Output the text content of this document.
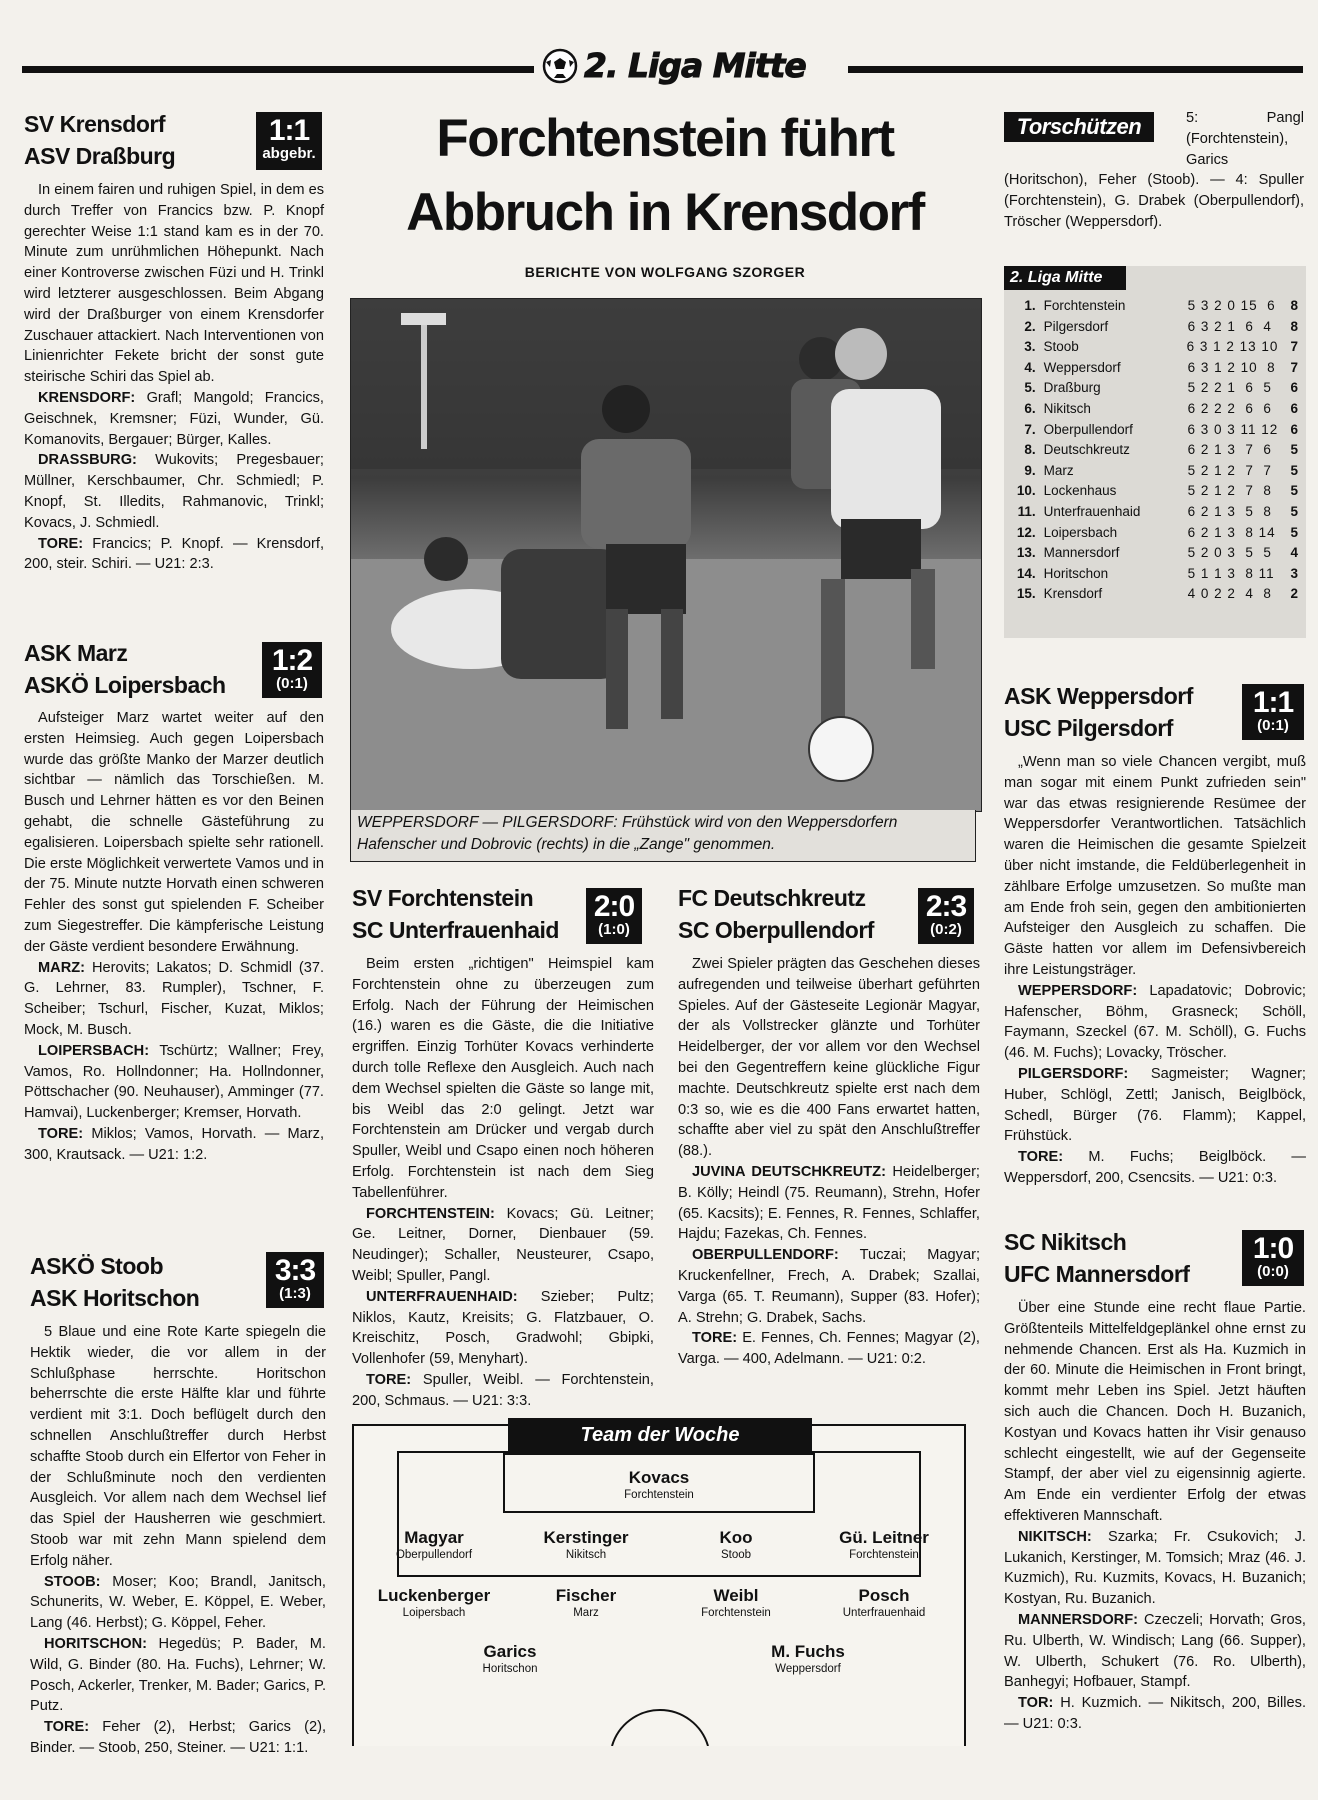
2. Liga Mitte
SV Krensdorf
ASV Draßburg
1:1
abgebr.

In einem fairen und ruhigen Spiel, in dem es durch Treffer von Francics bzw. P. Knopf gerechter Weise 1:1 stand kam es in der 70. Minute zum unrühmlichen Höhepunkt. Nach einer Kontroverse zwischen Füzi und H. Trinkl wird letzterer ausgeschlossen. Beim Abgang wird der Draßburger von einem Krensdorfer Zuschauer attackiert. Nach Interventionen von Linienrichter Fekete bricht der sonst gute steirische Schiri das Spiel ab.

KRENSDORF: Grafl; Mangold; Francics, Geischnek, Kremsner; Füzi, Wunder, Gü. Komanovits, Bergauer; Bürger, Kalles.

DRASSBURG: Wukovits; Pregesbauer; Müllner, Kerschbaumer, Chr. Schmiedl; P. Knopf, St. Illedits, Rahmanovic, Trinkl; Kovacs, J. Schmiedl.

TORE: Francics; P. Knopf. — Krensdorf, 200, steir. Schiri. — U21: 2:3.

ASK Marz
ASKÖ Loipersbach
1:2
(0:1)

Aufsteiger Marz wartet weiter auf den ersten Heimsieg. Auch gegen Loipersbach wurde das größte Manko der Marzer deutlich sichtbar — nämlich das Torschießen. M. Busch und Lehrner hätten es vor den Beinen gehabt, die schnelle Gästeführung zu egalisieren. Loipersbach spielte sehr rationell. Die erste Möglichkeit verwertete Vamos und in der 75. Minute nutzte Horvath einen schweren Fehler des sonst gut spielenden F. Scheiber zum Siegestreffer. Die kämpferische Leistung der Gäste verdient besondere Erwähnung.

MARZ: Herovits; Lakatos; D. Schmidl (37. G. Lehrner, 83. Rumpler), Tschner, F. Scheiber; Tschurl, Fischer, Kuzat, Miklos; Mock, M. Busch.

LOIPERSBACH: Tschürtz; Wallner; Frey, Vamos, Ro. Hollndonner; Ha. Hollndonner, Pöttschacher (90. Neuhauser), Amminger (77. Hamvai), Luckenberger; Kremser, Horvath.

TORE: Miklos; Vamos, Horvath. — Marz, 300, Krautsack. — U21: 1:2.

ASKÖ Stoob
ASK Horitschon
3:3
(1:3)

5 Blaue und eine Rote Karte spiegeln die Hektik wieder, die vor allem in der Schlußphase herrschte. Horitschon beherrschte die erste Hälfte klar und führte verdient mit 3:1. Doch beflügelt durch den schnellen Anschlußtreffer durch Herbst schaffte Stoob durch ein Elfertor von Feher in der Schlußminute noch den verdienten Ausgleich. Vor allem nach dem Wechsel lief das Spiel der Hausherren wie geschmiert. Stoob war mit zehn Mann spielend dem Erfolg näher.

STOOB: Moser; Koo; Brandl, Janitsch, Schunerits, W. Weber, E. Köppel, E. Weber, Lang (46. Herbst); G. Köppel, Feher.

HORITSCHON: Hegedüs; P. Bader, M. Wild, G. Binder (80. Ha. Fuchs), Lehrner; W. Posch, Ackerler, Trenker, M. Bader; Garics, P. Putz.

TORE: Feher (2), Herbst; Garics (2), Binder. — Stoob, 250, Steiner. — U21: 1:1.

Forchtenstein führt
Abbruch in Krensdorf
BERICHTE VON WOLFGANG SZORGER
WEPPERSDORF — PILGERSDORF: Frühstück wird von den Weppersdorfern
Hafenscher und Dobrovic (rechts) in die „Zange" genommen.
SV Forchtenstein
SC Unterfrauenhaid
2:0
(1:0)

Beim ersten „richtigen" Heimspiel kam Forchtenstein ohne zu überzeugen zum Erfolg. Nach der Führung der Heimischen (16.) waren es die Gäste, die die Initiative ergriffen. Einzig Torhüter Kovacs verhinderte durch tolle Reflexe den Ausgleich. Auch nach dem Wechsel spielten die Gäste so lange mit, bis Weibl das 2:0 gelingt. Jetzt war Forchtenstein am Drücker und vergab durch Spuller, Weibl und Csapo einen noch höheren Erfolg. Forchtenstein ist nach dem Sieg Tabellenführer.

FORCHTENSTEIN: Kovacs; Gü. Leitner; Ge. Leitner, Dorner, Dienbauer (59. Neudinger); Schaller, Neusteurer, Csapo, Weibl; Spuller, Pangl.

UNTERFRAUENHAID: Szieber; Pultz; Niklos, Kautz, Kreisits; G. Flatzbauer, O. Kreischitz, Posch, Gradwohl; Gbipki, Vollenhofer (59, Menyhart).

TORE: Spuller, Weibl. — Forchtenstein, 200, Schmaus. — U21: 3:3.

FC Deutschkreutz
SC Oberpullendorf
2:3
(0:2)

Zwei Spieler prägten das Geschehen dieses aufregenden und teilweise überhart geführten Spieles. Auf der Gästeseite Legionär Magyar, der als Vollstrecker glänzte und Torhüter Heidelberger, der vor allem vor den Wechsel bei den Gegentreffern keine glückliche Figur machte. Deutschkreutz spielte erst nach dem 0:3 so, wie es die 400 Fans erwartet hatten, schaffte aber viel zu spät den Anschlußtreffer (88.).

JUVINA DEUTSCHKREUTZ: Heidelberger; B. Kölly; Heindl (75. Reumann), Strehn, Hofer (65. Kacsits); E. Fennes, R. Fennes, Schlaffer, Hajdu; Fazekas, Ch. Fennes.

OBERPULLENDORF: Tuczai; Magyar; Kruckenfellner, Frech, A. Drabek; Szallai, Varga (65. T. Reumann), Supper (83. Hofer); A. Strehn; G. Drabek, Sachs.

TORE: E. Fennes, Ch. Fennes; Magyar (2), Varga. — 400, Adelmann. — U21: 0:2.

Team der Woche
Kovacs
Forchtenstein
Magyar
Oberpullendorf
Kerstinger
Nikitsch
Koo
Stoob
Gü. Leitner
Forchtenstein
Luckenberger
Loipersbach
Fischer
Marz
Weibl
Forchtenstein
Posch
Unterfrauenhaid
Garics
Horitschon
M. Fuchs
Weppersdorf
Torschützen	5: Pangl (Forchtenstein), Garics (Horitschon), Feher (Stoob). — 4: Spuller (Forchtenstein), G. Drabek (Oberpullendorf), Tröscher (Weppersdorf).
2. Liga Mitte
1. Forchtenstein	5 3 2 0 15  6	8
2. Pilgersdorf	6 3 2 1  6  4	8
3. Stoob	6 3 1 2 13 10 7
4. Weppersdorf	6 3 1 2 10  8	7
5. Draßburg	5 2 2 1  6  5	6
6. Nikitsch	6 2 2 2  6  6	6
7. Oberpullendorf	6 3 0 3 11 12 6
8. Deutschkreutz	6 2 1 3  7  6	5
9. Marz	5 2 1 2  7  7	5
10. Lockenhaus	5 2 1 2  7  8	5
11. Unterfrauenhaid	6 2 1 3  5  8	5
12. Loipersbach	6 2 1 3  8 14	5
13. Mannersdorf	5 2 0 3  5  5	4
14. Horitschon	5 1 1 3  8 11	3
15. Krensdorf	4 0 2 2  4  8	2
ASK Weppersdorf
USC Pilgersdorf
1:1
(0:1)

„Wenn man so viele Chancen vergibt, muß man sogar mit einem Punkt zufrieden sein" war das etwas resignierende Resümee der Weppersdorfer Verantwortlichen. Tatsächlich waren die Heimischen die gesamte Spielzeit über nicht imstande, die Feldüberlegenheit in zählbare Erfolge umzusetzen. So mußte man am Ende froh sein, gegen den ambitionierten Aufsteiger den Ausgleich zu schaffen. Die Gäste hatten vor allem im Defensivbereich ihre Leistungsträger.

WEPPERSDORF: Lapadatovic; Dobrovic; Hafenscher, Böhm, Grasneck; Schöll, Faymann, Szeckel (67. M. Schöll), G. Fuchs (46. M. Fuchs); Lovacky, Tröscher.

PILGERSDORF: Sagmeister; Wagner; Huber, Schlögl, Zettl; Janisch, Beiglböck, Schedl, Bürger (76. Flamm); Kappel, Frühstück.

TORE: M. Fuchs; Beiglböck. — Weppersdorf, 200, Csencsits. — U21: 0:3.

SC Nikitsch
UFC Mannersdorf
1:0
(0:0)

Über eine Stunde eine recht flaue Partie. Größtenteils Mittelfeldgeplänkel ohne ernst zu nehmende Chancen. Erst als Ha. Kuzmich in der 60. Minute die Heimischen in Front bringt, kommt mehr Leben ins Spiel. Jetzt häuften sich auch die Chancen. Doch H. Buzanich, Kostyan und Kovacs hatten ihr Visir genauso schlecht eingestellt, wie auf der Gegenseite Stampf, der aber viel zu eigensinnig agierte. Am Ende ein verdienter Erfolg der etwas effektiveren Mannschaft.

NIKITSCH: Szarka; Fr. Csukovich; J. Lukanich, Kerstinger, M. Tomsich; Mraz (46. J. Kuzmich), Ru. Kuzmits, Kovacs, H. Buzanich; Kostyan, Ru. Buzanich.

MANNERSDORF: Czeczeli; Horvath; Gros, Ru. Ulberth, W. Windisch; Lang (66. Supper), W. Ulberth, Schukert (76. Ro. Ulberth), Banhegyi; Hofbauer, Stampf.

TOR: H. Kuzmich. — Nikitsch, 200, Billes. — U21: 0:3.
